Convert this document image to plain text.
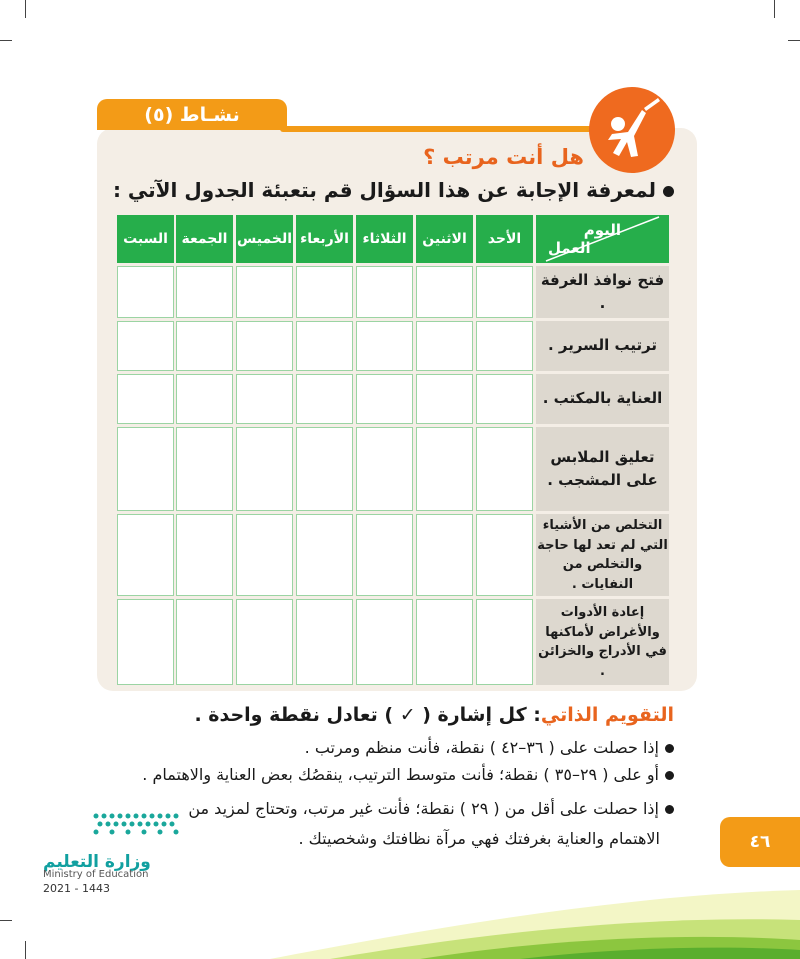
نشـاط (٥)
هل أنت مرتب ؟
لمعرفة الإجابة عن هذا السؤال قم بتعبئة الجدول الآتي :
اليوم
العمل
الأحد
الاثنين
الثلاثاء
الأربعاء
الخميس
الجمعة
السبت
فتح نوافذ الغرفة .
ترتيب السرير .
العناية بالمكتب .
تعليق الملابس
على المشجب .
التخلص من الأشياء
التي لم تعد لها حاجة
والتخلص من النفايات .
إعادة الأدوات
والأغراض لأماكنها
في الأدراج والخزائن .
التقويم الذاتي: كل إشارة ( ✓ ) تعادل نقطة واحدة .
إذا حصلت على ( ٣٦–٤٢ ) نقطة، فأنت منظم ومرتب .
أو على ( ٢٩–٣٥ ) نقطة؛ فأنت متوسط الترتيب، ينقصُك بعض العناية والاهتمام .
إذا حصلت على أقل من ( ٢٩ ) نقطة؛ فأنت غير مرتب، وتحتاج لمزيد من
الاهتمام والعناية بغرفتك فهي مرآة نظافتك وشخصيتك .	٤٦
وزارة التعليم
Ministry of Education
2021 - 1443
